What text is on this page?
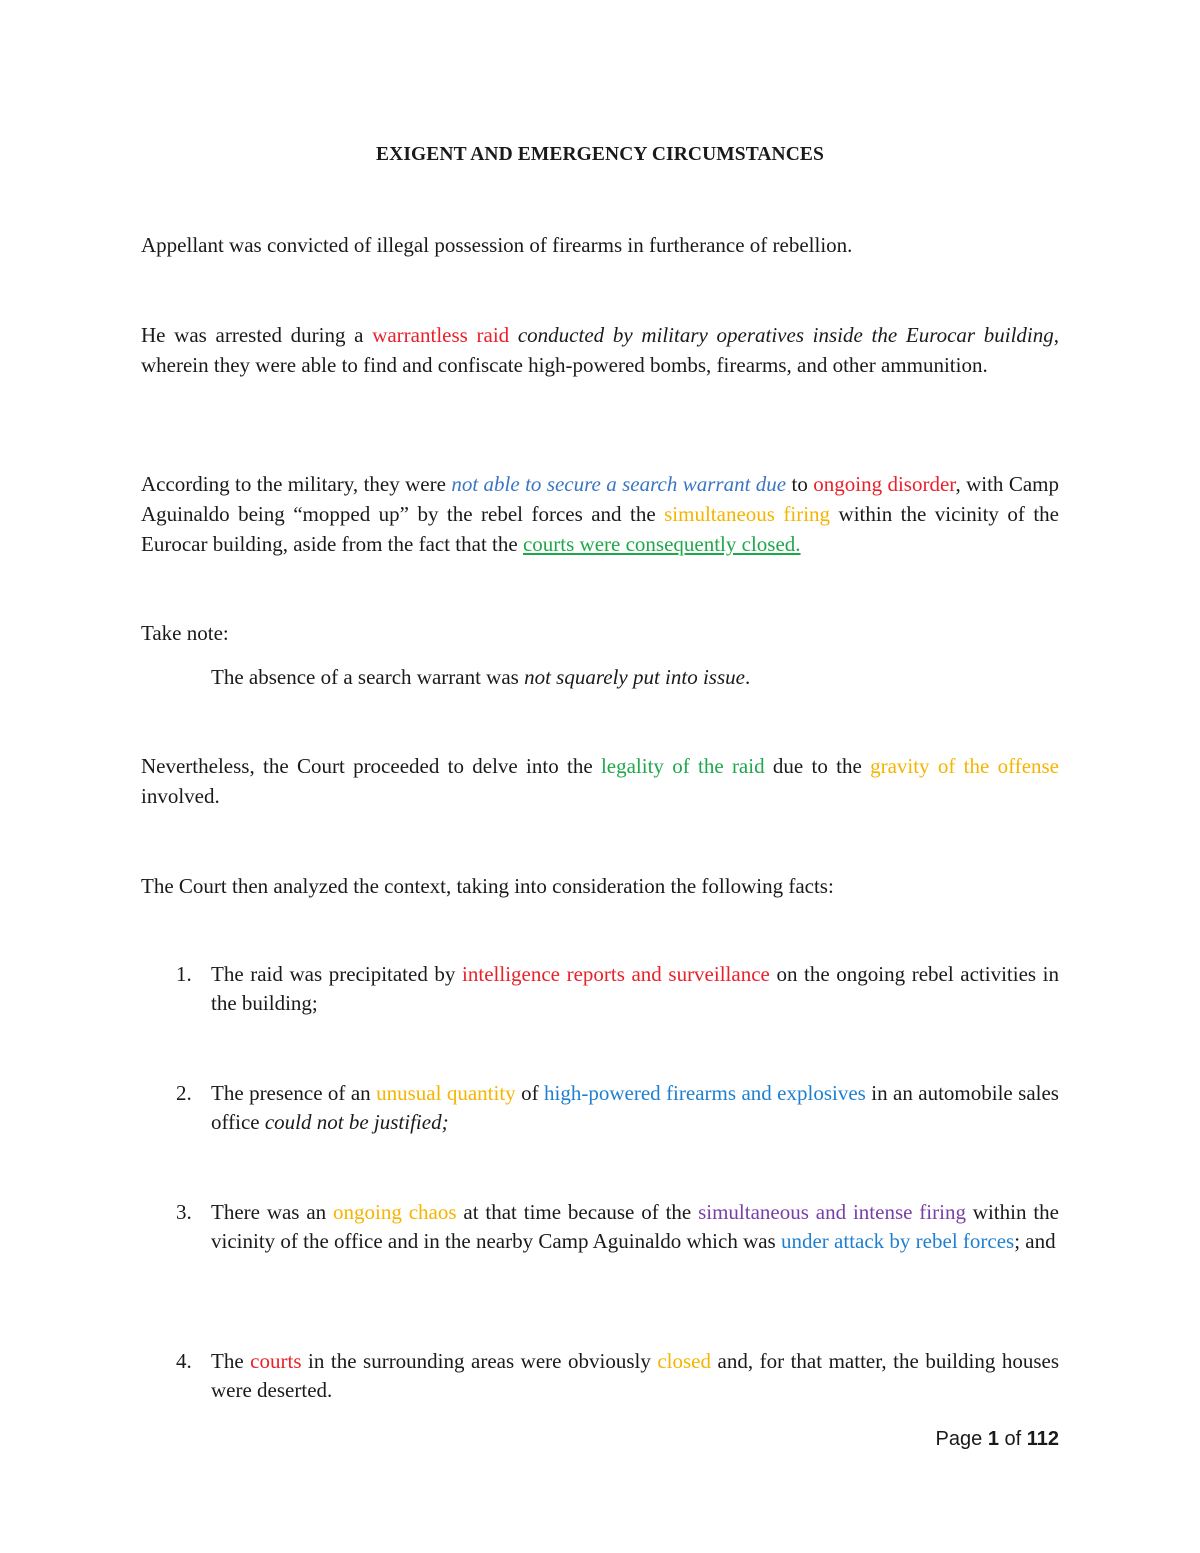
EXIGENT AND EMERGENCY CIRCUMSTANCES
Appellant was convicted of illegal possession of firearms in furtherance of rebellion.
He was arrested during a warrantless raid conducted by military operatives inside the Eurocar building, wherein they were able to find and confiscate high-powered bombs, firearms, and other ammunition.
According to the military, they were not able to secure a search warrant due to ongoing disorder, with Camp Aguinaldo being “mopped up” by the rebel forces and the simultaneous firing within the vicinity of the Eurocar building, aside from the fact that the courts were consequently closed.
Take note:
The absence of a search warrant was not squarely put into issue.
Nevertheless, the Court proceeded to delve into the legality of the raid due to the gravity of the offense involved.
The Court then analyzed the context, taking into consideration the following facts:
1. The raid was precipitated by intelligence reports and surveillance on the ongoing rebel activities in the building;
2. The presence of an unusual quantity of high-powered firearms and explosives in an automobile sales office could not be justified;
3. There was an ongoing chaos at that time because of the simultaneous and intense firing within the vicinity of the office and in the nearby Camp Aguinaldo which was under attack by rebel forces; and
4. The courts in the surrounding areas were obviously closed and, for that matter, the building houses were deserted.
Page 1 of 112
